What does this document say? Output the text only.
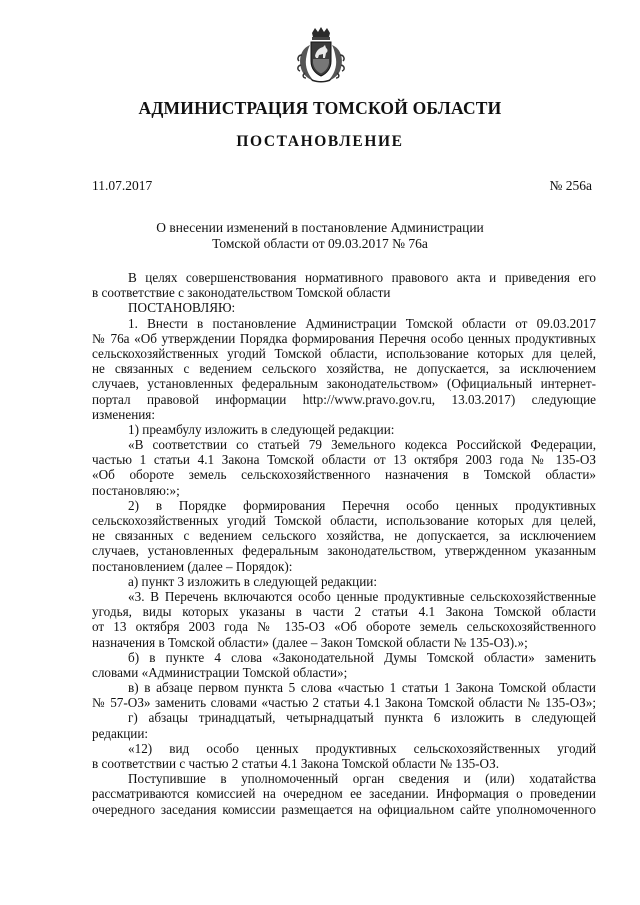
АДМИНИСТРАЦИЯ ТОМСКОЙ ОБЛАСТИ
ПОСТАНОВЛЕНИЕ
11.07.2017	№ 256а
О внесении изменений в постановление Администрации
Томской области от 09.03.2017 № 76а
В целях совершенствования нормативного правового акта и приведения его
в соответствие с законодательством Томской области
ПОСТАНОВЛЯЮ:
1. Внести в постановление Администрации Томской области от 09.03.2017
№ 76а «Об утверждении Порядка формирования Перечня особо ценных продуктивных
сельскохозяйственных угодий Томской области, использование которых для целей,
не связанных с ведением сельского хозяйства, не допускается, за исключением
случаев, установленных федеральным законодательством» (Официальный интернет-
портал правовой информации http://www.pravo.gov.ru, 13.03.2017) следующие
изменения:
1) преамбулу изложить в следующей редакции:
«В соответствии со статьей 79 Земельного кодекса Российской Федерации,
частью 1 статьи 4.1 Закона Томской области от 13 октября 2003 года № 135-ОЗ
«Об обороте земель сельскохозяйственного назначения в Томской области»
постановляю:»;
2) в Порядке формирования Перечня особо ценных продуктивных
сельскохозяйственных угодий Томской области, использование которых для целей,
не связанных с ведением сельского хозяйства, не допускается, за исключением
случаев, установленных федеральным законодательством, утвержденном указанным
постановлением (далее – Порядок):
а) пункт 3 изложить в следующей редакции:
«3. В Перечень включаются особо ценные продуктивные сельскохозяйственные
угодья, виды которых указаны в части 2 статьи 4.1 Закона Томской области
от 13 октября 2003 года № 135-ОЗ «Об обороте земель сельскохозяйственного
назначения в Томской области» (далее – Закон Томской области № 135-ОЗ).»;
б) в пункте 4 слова «Законодательной Думы Томской области» заменить
словами «Администрации Томской области»;
в) в абзаце первом пункта 5 слова «частью 1 статьи 1 Закона Томской области
№ 57-ОЗ» заменить словами «частью 2 статьи 4.1 Закона Томской области № 135-ОЗ»;
г) абзацы тринадцатый, четырнадцатый пункта 6 изложить в следующей
редакции:
«12) вид особо ценных продуктивных сельскохозяйственных угодий
в соответствии с частью 2 статьи 4.1 Закона Томской области № 135-ОЗ.
Поступившие в уполномоченный орган сведения и (или) ходатайства
рассматриваются комиссией на очередном ее заседании. Информация о проведении
очередного заседания комиссии размещается на официальном сайте уполномоченного
